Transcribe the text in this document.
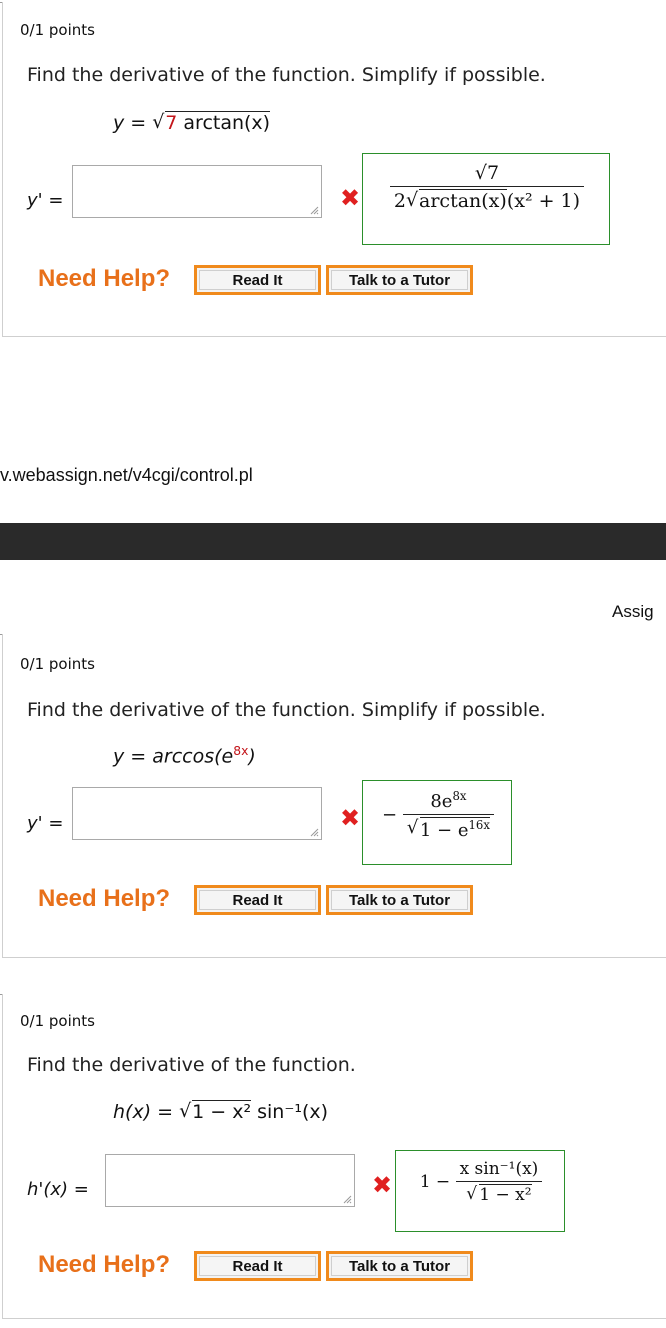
0/1 points
Find the derivative of the function. Simplify if possible.
y = √ 7 arctan(x)
y' =	✖ $\frac{√7}{\text{2 √ arctan(x)(x² + 1)}}$
Need Help?	Read It	Talk to a Tutor
v.webassign.net/v4cgi/control.pl
Assig
0/1 points
Find the derivative of the function. Simplify if possible.
$y = \arccos(e^{8x})$
y' =	✖	− $\frac{8e^{8x}}{√ 1 - e^{16x}}$
Need Help?	Read It	Talk to a Tutor
0/1 points
Find the derivative of the function.
h(x) = √ 1 − x² sin⁻¹(x)
h'(x) =	✖	$1 - \frac{\text{x sin⁻¹(x)}}{\text{√ 1 − x²}}$
Need Help?	Read It	Talk to a Tutor
